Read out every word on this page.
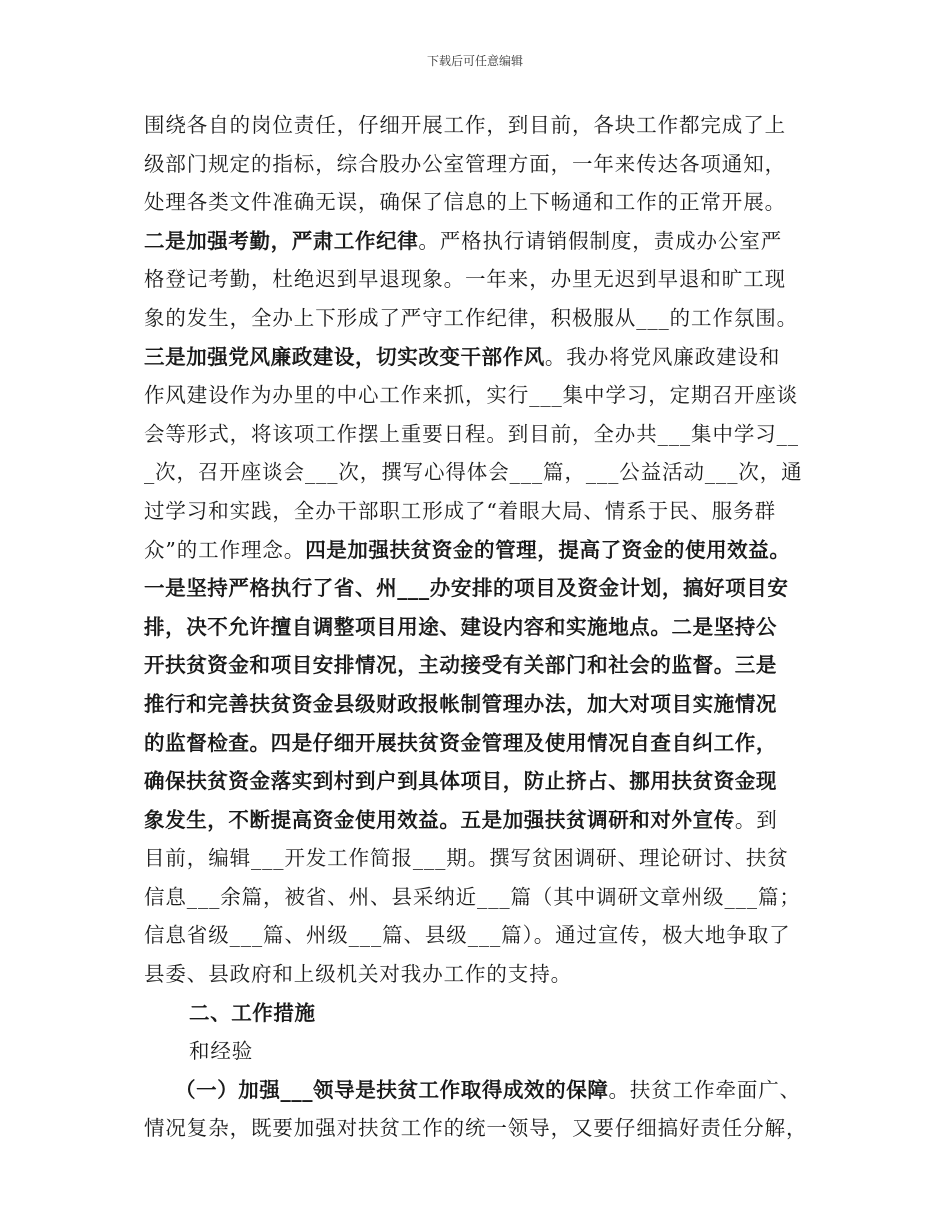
下载后可任意编辑
围绕各自的岗位责任，仔细开展工作，到目前，各块工作都完成了上
级部门规定的指标，综合股办公室管理方面，一年来传达各项通知，
处理各类文件准确无误，确保了信息的上下畅通和工作的正常开展。
二是加强考勤，严肃工作纪律。严格执行请销假制度，责成办公室严
格登记考勤，杜绝迟到早退现象。一年来，办里无迟到早退和旷工现
象的发生，全办上下形成了严守工作纪律，积极服从___的工作氛围。
三是加强党风廉政建设，切实改变干部作风。我办将党风廉政建设和
作风建设作为办里的中心工作来抓，实行___集中学习，定期召开座谈
会等形式，将该项工作摆上重要日程。到目前，全办共___集中学习__
_次，召开座谈会___次，撰写心得体会___篇，___公益活动___次，通
过学习和实践，全办干部职工形成了“着眼大局、情系于民、服务群
众”的工作理念。四是加强扶贫资金的管理，提高了资金的使用效益。
一是坚持严格执行了省、州___办安排的项目及资金计划，搞好项目安
排，决不允许擅自调整项目用途、建设内容和实施地点。二是坚持公
开扶贫资金和项目安排情况，主动接受有关部门和社会的监督。三是
推行和完善扶贫资金县级财政报帐制管理办法，加大对项目实施情况
的监督检查。四是仔细开展扶贫资金管理及使用情况自查自纠工作，
确保扶贫资金落实到村到户到具体项目，防止挤占、挪用扶贫资金现
象发生，不断提高资金使用效益。五是加强扶贫调研和对外宣传。到
目前，编辑___开发工作简报___期。撰写贫困调研、理论研讨、扶贫
信息___余篇，被省、州、县采纳近___篇（其中调研文章州级___篇；
信息省级___篇、州级___篇、县级___篇）。通过宣传，极大地争取了
县委、县政府和上级机关对我办工作的支持。
二、工作措施
和经验
（一）加强___领导是扶贫工作取得成效的保障。扶贫工作牵面广、
情况复杂，既要加强对扶贫工作的统一领导，又要仔细搞好责任分解，
